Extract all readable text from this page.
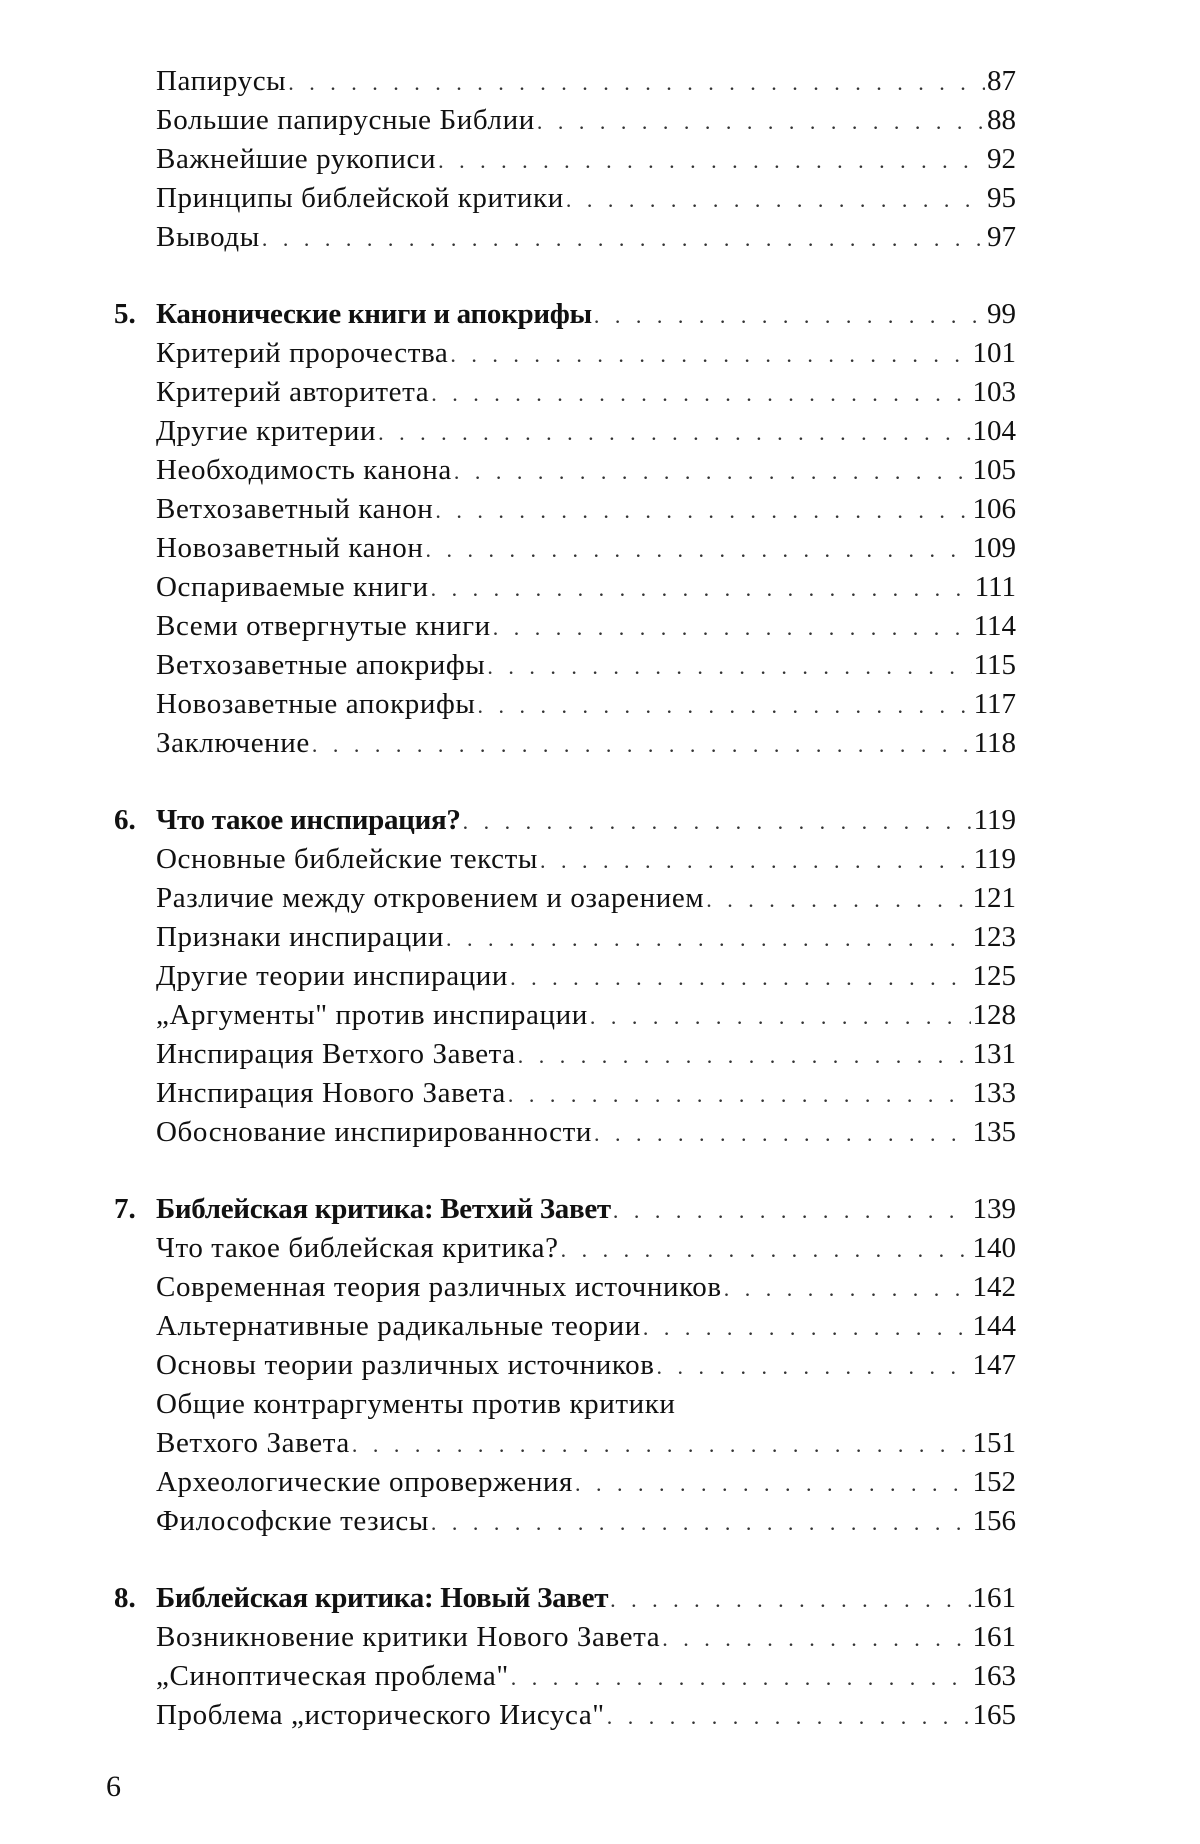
Папирусы . . .	87
Большие папирусные Библии . . .	88
Важнейшие рукописи . . .	92
Принципы библейской критики . . .	95
Выводы . . .	97
5. Канонические книги и апокрифы . . .	99
Критерий пророчества . . .	101
Критерий авторитета . . .	103
Другие критерии . . .	104
Необходимость канона . . .	105
Ветхозаветный канон . . .	106
Новозаветный канон . . .	109
Оспариваемые книги . . .	111
Всеми отвергнутые книги . . .	114
Ветхозаветные апокрифы . . .	115
Новозаветные апокрифы . . .	117
Заключение . . .	118
6. Что такое инспирация? . . .	119
Основные библейские тексты . . .	119
Различие между откровением и озарением . . .	121
Признаки инспирации . . .	123
Другие теории инспирации . . .	125
„Аргументы" против инспирации . . .	128
Инспирация Ветхого Завета . . .	131
Инспирация Нового Завета . . .	133
Обоснование инспирированности . . .	135
7. Библейская критика: Ветхий Завет . . .	139
Что такое библейская критика? . . .	140
Современная теория различных источников . . .	142
Альтернативные радикальные теории . . .	144
Основы теории различных источников . . .	147
Общие контраргументы против критики
Ветхого Завета . . .	151
Археологические опровержения . . .	152
Философские тезисы . . .	156
8. Библейская критика: Новый Завет . . .	161
Возникновение критики Нового Завета . . .	161
„Синоптическая проблема" . . .	163
Проблема „исторического Иисуса" . . .	165
6
